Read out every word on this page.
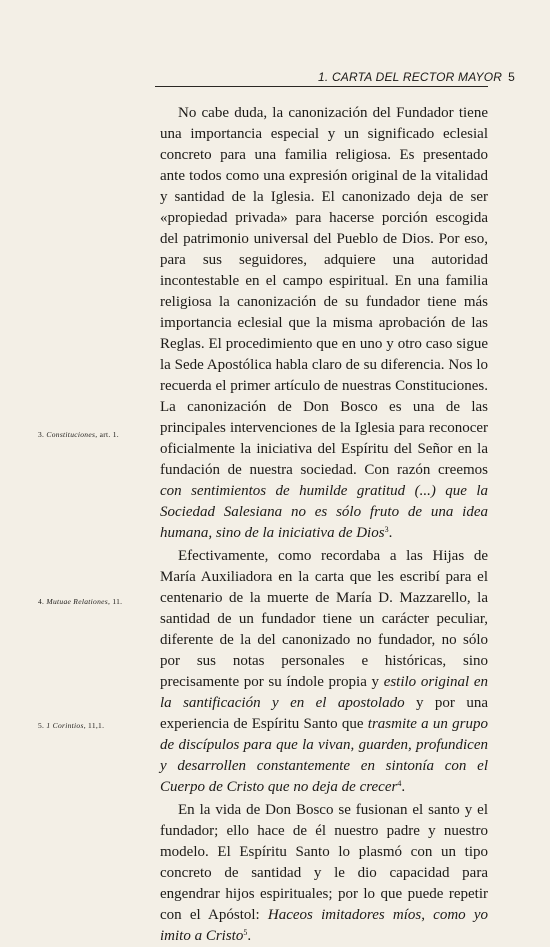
1. CARTA DEL RECTOR MAYOR 5

No cabe duda, la canonización del Fundador tiene una importancia especial y un significado eclesial concreto para una familia religiosa. Es presentado ante todos como una expresión original de la vitalidad y santidad de la Iglesia. El canonizado deja de ser «propiedad privada» para hacerse porción escogida del patrimonio universal del Pueblo de Dios. Por eso, para sus seguidores, adquiere una autoridad incontestable en el campo espiritual. En una familia religiosa la canonización de su fundador tiene más importancia eclesial que la misma aprobación de las Reglas. El procedimiento que en uno y otro caso sigue la Sede Apostólica habla claro de su diferencia. Nos lo recuerda el primer artículo de nuestras Constituciones. La canonización de Don Bosco es una de las principales intervenciones de la Iglesia para reconocer oficialmente la iniciativa del Espíritu del Señor en la fundación de nuestra sociedad. Con razón creemos con sentimientos de humilde gratitud (...) que la Sociedad Salesiana no es sólo fruto de una idea humana, sino de la iniciativa de Dios$^3$.

Efectivamente, como recordaba a las Hijas de María Auxiliadora en la carta que les escribí para el centenario de la muerte de María D. Mazzarello, la santidad de un fundador tiene un carácter peculiar, diferente de la del canonizado no fundador, no sólo por sus notas personales e históricas, sino precisamente por su índole propia y estilo original en la santificación y en el apostolado y por una experiencia de Espíritu Santo que trasmite a un grupo de discípulos para que la vivan, guarden, profundicen y desarrollen constantemente en sintonía con el Cuerpo de Cristo que no deja de crecer$^4$.

En la vida de Don Bosco se fusionan el santo y el fundador; ello hace de él nuestro padre y nuestro modelo. El Espíritu Santo lo plasmó con un tipo concreto de santidad y le dio capacidad para engendrar hijos espirituales; por lo que puede repetir con el Apóstol: Haceos imitadores míos, como yo imito a Cristo$^5$.

3. Constituciones, art. 1.
4. Mutuae Relationes, 11.
5. 1 Corintios, 11,1.
